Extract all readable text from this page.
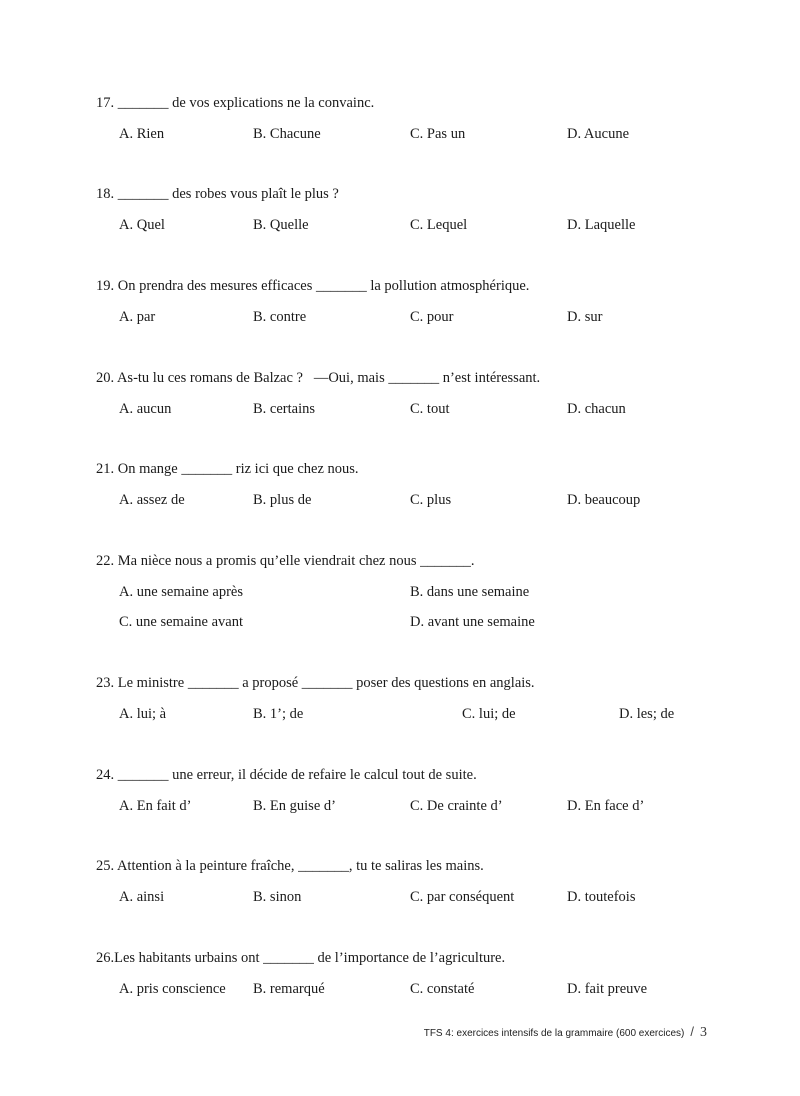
17. _______ de vos explications ne la convainc.
A. Rien	B. Chacune	C. Pas un	D. Aucune
18. _______ des robes vous plaît le plus ?
A. Quel	B. Quelle	C. Lequel	D. Laquelle
19. On prendra des mesures efficaces _______ la pollution atmosphérique.
A. par	B. contre	C. pour	D. sur
20. As-tu lu ces romans de Balzac ?   —Oui, mais _______ n’est intéressant.
A. aucun	B. certains	C. tout	D. chacun
21. On mange _______ riz ici que chez nous.
A. assez de	B. plus de	C. plus	D. beaucoup
22. Ma nièce nous a promis qu’elle viendrait chez nous _______.
A. une semaine après	B. dans une semaine
C. une semaine avant	D. avant une semaine
23. Le ministre _______ a proposé _______ poser des questions en anglais.
A. lui; à	B. 1’; de	C. lui; de	D. les; de
24. _______ une erreur, il décide de refaire le calcul tout de suite.
A. En fait d’	B. En guise d’	C. De crainte d’	D. En face d’
25. Attention à la peinture fraîche, _______, tu te saliras les mains.
A. ainsi	B. sinon	C. par conséquent	D. toutefois
26.Les habitants urbains ont _______ de l’importance de l’agriculture.
A. pris conscience B. remarqué	C. constaté	D. fait preuve
TFS 4: exercices intensifs de la grammaire (600 exercices) / 3
